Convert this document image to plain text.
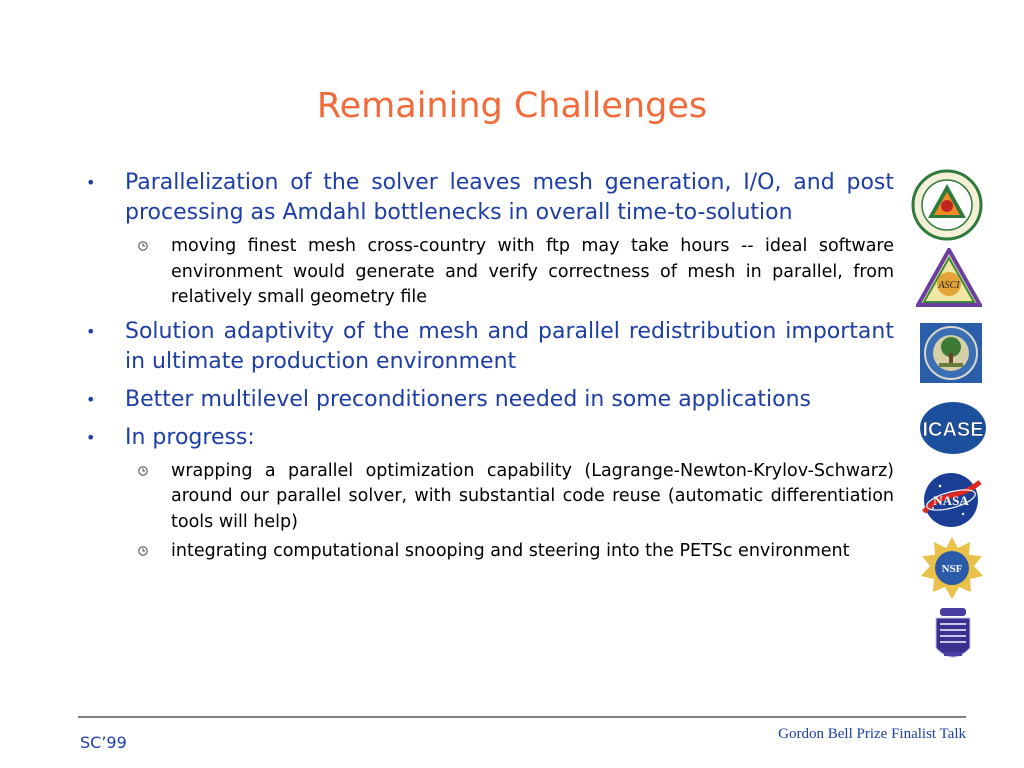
Remaining Challenges
• Parallelization of the solver leaves mesh generation, I/O, and post processing as Amdahl bottlenecks in overall time-to-solution
moving finest mesh cross-country with ftp may take hours -- ideal software environment would generate and verify correctness of mesh in parallel, from relatively small geometry file
• Solution adaptivity of the mesh and parallel redistribution important in ultimate production environment
• Better multilevel preconditioners needed in some applications
• In progress:
wrapping a parallel optimization capability (Lagrange-Newton-Krylov-Schwarz) around our parallel solver, with substantial code reuse (automatic differentiation tools will help)
integrating computational snooping and steering into the PETSc environment
ASCI
ICASE
NASA
NSF
SC’99	Gordon Bell Prize Finalist Talk
